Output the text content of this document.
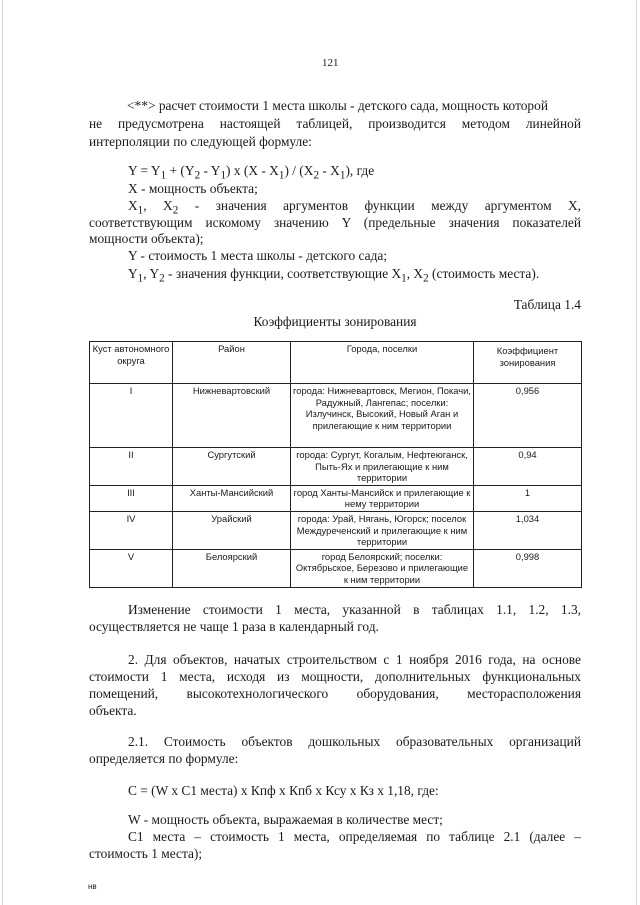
121
<**> расчет стоимости 1 места школы - детского сада, мощность которой
не предусмотрена настоящей таблицей, производится методом линейной
интерполяции по следующей формуле:
$Y = Y_1 + (Y_2 - Y_1)$ x $(X - X_1) / (X_2 - X_1)$, где
X - мощность объекта;
$X_1$, $X_2$ - значения аргументов функции между аргументом X,
соответствующим искомому значению Y (предельные значения показателей
мощности объекта);
Y - стоимость 1 места школы - детского сада;
$Y_1$, $Y_2$ - значения функции, соответствующие $X_1$, $X_2$ (стоимость места).
Таблица 1.4
Коэффициенты зонирования
Куст автономного округа	Район	Города, поселки	Коэффициент зонирования
I	Нижневартовский	города: Нижневартовск, Мегион, Покачи, Радужный, Лангепас; поселки: Излучинск, Высокий, Новый Аган и прилегающие к ним территории	0,956
II	Сургутский	города: Сургут, Когалым, Нефтеюганск, Пыть-Ях и прилегающие к ним территории	0,94
III	Ханты-Мансийский	город Ханты-Мансийск и прилегающие к нему территории	1
IV	Урайский	города: Урай, Нягань, Югорск; поселок Междуреченский и прилегающие к ним территории	1,034
V	Белоярский	город Белоярский; поселки: Октябрьское, Березово и прилегающие к ним территории	0,998
Изменение стоимости 1 места, указанной в таблицах 1.1, 1.2, 1.3,
осуществляется не чаще 1 раза в календарный год.
2. Для объектов, начатых строительством с 1 ноября 2016 года, на основе
стоимости 1 места, исходя из мощности, дополнительных функциональных
помещений, высокотехнологического оборудования, месторасположения
объекта.
2.1. Стоимость объектов дошкольных образовательных организаций
определяется по формуле:
С = (W х С1 места) х Кпф х Кпб х Ксу х Кз х 1,18, где:
W - мощность объекта, выражаемая в количестве мест;
С1 места – стоимость 1 места, определяемая по таблице 2.1 (далее –
стоимость 1 места);
нв
